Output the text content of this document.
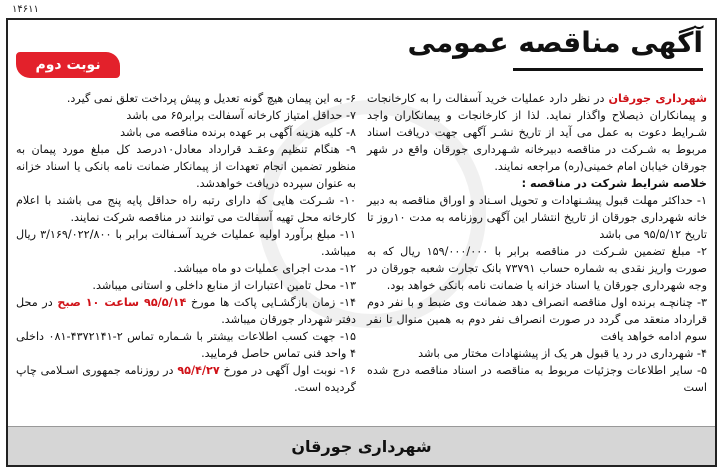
۱۴۶۱۱
آگهی مناقصه عمومی
نوبت دوم

شهرداری جورقان در نظر دارد عملیات خرید آسفالت را به کارخانجات و پیمانکاران ذیصلاح واگذار نماید. لذا از کارخانجات و پیمانکاران واجد شـرایط دعوت به عمل می آید از تاریخ نشـر آگهی جهت دریافت اسناد مربوط به شـرکت در مناقصه دبیرخانه شـهرداری جورقان واقع در شهر جورقان خیابان امام خمینی(ره) مراجعه نمایند.

خلاصه شرایط شرکت در مناقصه :

۱- حداکثر مهلت قبول پیشـنهادات و تحویل اسـناد و اوراق مناقصه به دبیر خانه شهرداری جورقان از تاریخ انتشار این آگهی روزنامه به مدت ۱۰روز تا تاریخ ۹۵/۵/۱۲ می باشد

۲- مبلغ تضمین شـرکت در مناقصه برابر با ۱۵۹/۰۰۰/۰۰۰ ریال که به صورت واریز نقدی به شماره حساب ۷۳۷۹۱ بانک تجارت شعبه جورقان در وجه شهرداری جورقان یا اسناد خزانه یا ضمانت نامه بانکی خواهد بود.

۳- چنانچـه برنده اول مناقصه انصراف دهد ضمانت وی ضبط و با نفر دوم قرارداد منعقد می گردد در صورت انصراف نفر دوم به همین منوال تا نفر سوم ادامه خواهد یافت

۴- شهرداری در رد یا قبول هر یک از پیشنهادات مختار می باشد

۵- سایر اطلاعات وجزئیات مربوط به مناقصه در اسناد مناقصه درج شده است

۶- به این پیمان هیچ گونه تعدیل و پیش پرداخت تعلق نمی گیرد.

۷- حداقل امتیاز کارخانه آسفالت برابر۶۵ می باشد

۸- کلیه هزینه آگهی بر عهده برنده مناقصه می باشد

۹- هنگام تنظیم وعقـد قرارداد معادل۱۰درصد کل مبلغ مورد پیمان به منظور تضمین انجام تعهدات از پیمانکار ضمانت نامه بانکی یا اسناد خزانه به عنوان سپرده دریافت خواهدشد.

۱۰- شـرکت هایی که دارای رتبه راه حداقل پایه پنج می باشند با اعلام کارخانه محل تهیه آسفالت می توانند در مناقصه شرکت نمایند.

۱۱- مبلغ برآورد اولیه عملیات خرید آسـفالت برابر با ۳/۱۶۹/۰۲۲/۸۰۰ ریال میباشد.

۱۲- مدت اجرای عملیات دو ماه میباشد.

۱۳- محل تامین اعتبارات از منابع داخلی و استانی میباشد.

۱۴- زمان بازگشـایی پاکت ها مورخ ۹۵/۵/۱۴ ساعت ۱۰ صبح در محل دفتر شهردار جورقان میباشد.

۱۵- جهت کسب اطلاعات بیشتر با شـماره تماس ۲-۴۳۷۲۱۴۱-۰۸۱ داخلی ۴ واحد فنی تماس حاصل فرمایید.

۱۶- نوبت اول آگهی در مورخ ۹۵/۴/۲۷ در روزنامه جمهوری اسـلامی چاپ گردیده است.

شهرداری جورقان
